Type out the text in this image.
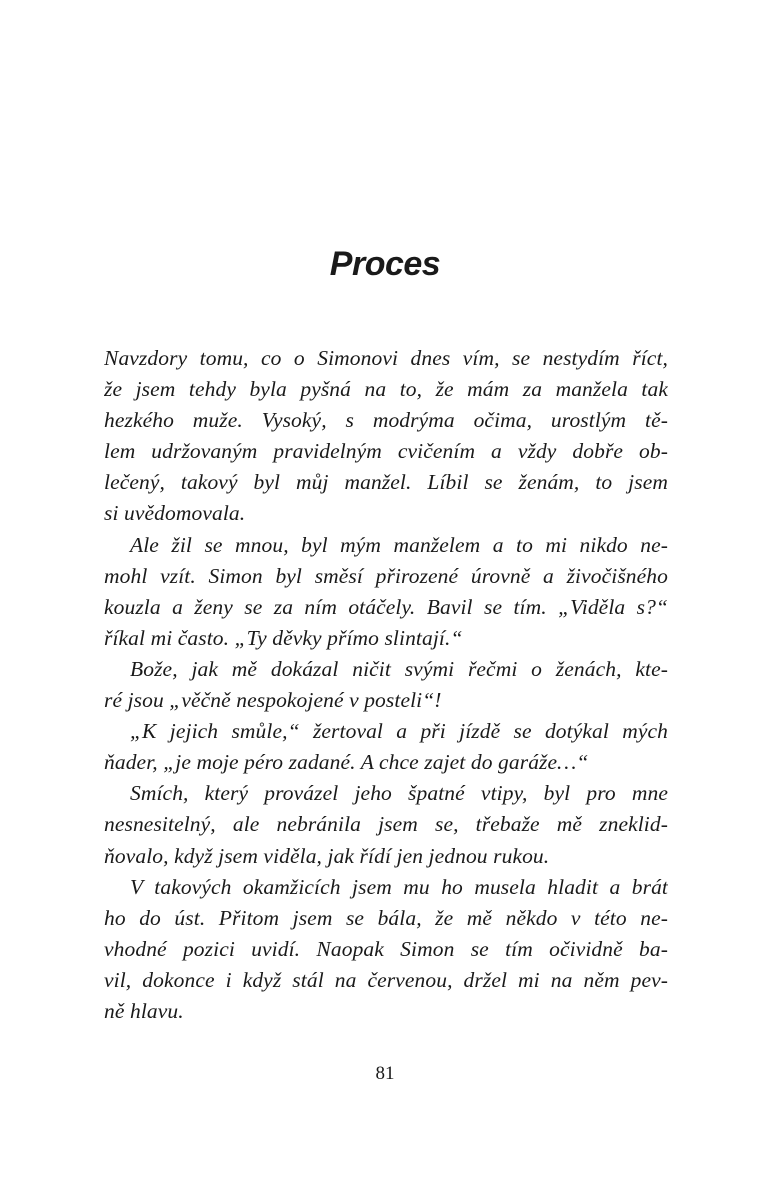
Proces
Navzdory tomu, co o Simonovi dnes vím, se nestydím říct,
že jsem tehdy byla pyšná na to, že mám za manžela tak
hezkého muže. Vysoký, s modrýma očima, urostlým tě-
lem udržovaným pravidelným cvičením a vždy dobře ob-
lečený, takový byl můj manžel. Líbil se ženám, to jsem
si uvědomovala.
Ale žil se mnou, byl mým manželem a to mi nikdo ne-
mohl vzít. Simon byl směsí přirozené úrovně a živočišného
kouzla a ženy se za ním otáčely. Bavil se tím. „Viděla s?“
říkal mi často. „Ty děvky přímo slintají.“
Bože, jak mě dokázal ničit svými řečmi o ženách, kte-
ré jsou „věčně nespokojené v posteli“!
„K jejich smůle,“ žertoval a při jízdě se dotýkal mých
ňader, „je moje péro zadané. A chce zajet do garáže…“
Smích, který provázel jeho špatné vtipy, byl pro mne
nesnesitelný, ale nebránila jsem se, třebaže mě zneklid-
ňovalo, když jsem viděla, jak řídí jen jednou rukou.
V takových okamžicích jsem mu ho musela hladit a brát
ho do úst. Přitom jsem se bála, že mě někdo v této ne-
vhodné pozici uvidí. Naopak Simon se tím očividně ba-
vil, dokonce i když stál na červenou, držel mi na něm pev-
ně hlavu.
81
